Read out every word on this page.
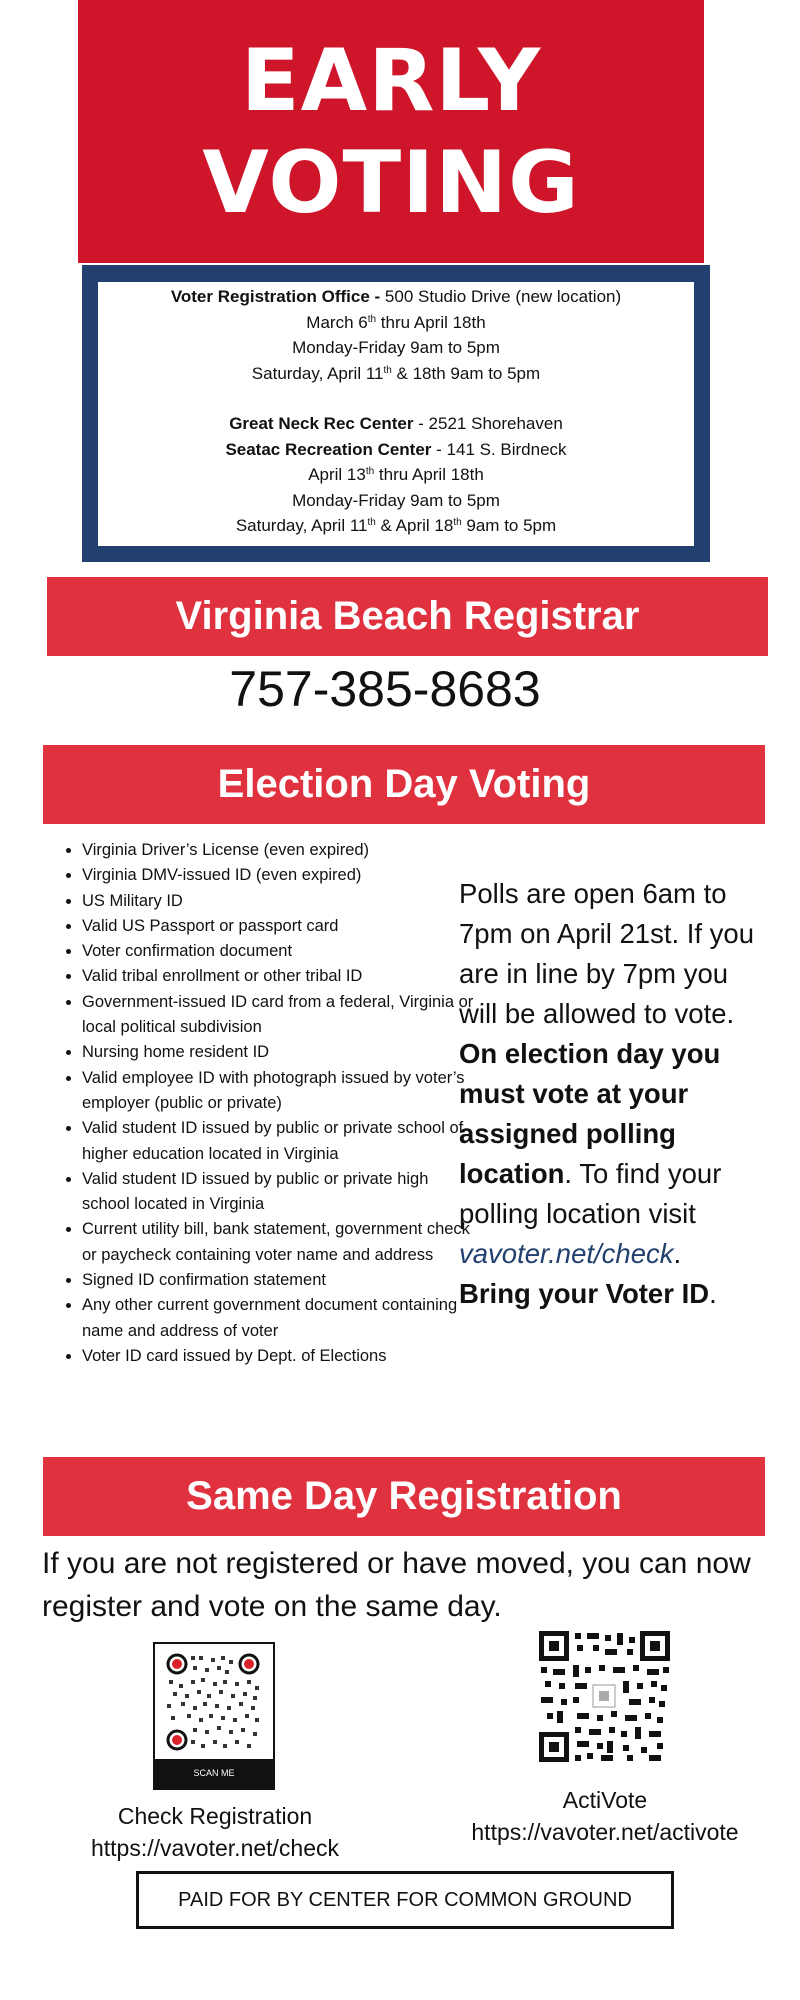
EARLY
VOTING
Voter Registration Office - 500 Studio Drive (new location)
March 6th thru April 18th
Monday-Friday 9am to 5pm
Saturday, April 11th & 18th 9am to 5pm
Great Neck Rec Center - 2521 Shorehaven
Seatac Recreation Center - 141 S. Birdneck
April 13th thru April 18th
Monday-Friday 9am to 5pm
Saturday, April 11th & April 18th 9am to 5pm
Virginia Beach Registrar
757-385-8683
Election Day Voting
• Virginia Driver’s License (even expired)
• Virginia DMV-issued ID (even expired)
• US Military ID
• Valid US Passport or passport card
• Voter confirmation document
• Valid tribal enrollment or other tribal ID
• Government-issued ID card from a federal, Virginia or local political subdivision
• Nursing home resident ID
• Valid employee ID with photograph issued by voter’s employer (public or private)
• Valid student ID issued by public or private school of higher education located in Virginia
• Valid student ID issued by public or private high school located in Virginia
• Current utility bill, bank statement, government check or paycheck containing voter name and address
• Signed ID confirmation statement
• Any other current government document containing name and address of voter
• Voter ID card issued by Dept. of Elections
Polls are open 6am to 7pm on April 21st. If you are in line by 7pm you will be allowed to vote. On election day you must vote at your assigned polling location. To find your polling location visit vavoter.net/check. Bring your Voter ID.
Same Day Registration
If you are not registered or have moved, you can now register and vote on the same day.
SCAN ME
Check Registration
https://vavoter.net/check
ActiVote
https://vavoter.net/activote
PAID FOR BY CENTER FOR COMMON GROUND
